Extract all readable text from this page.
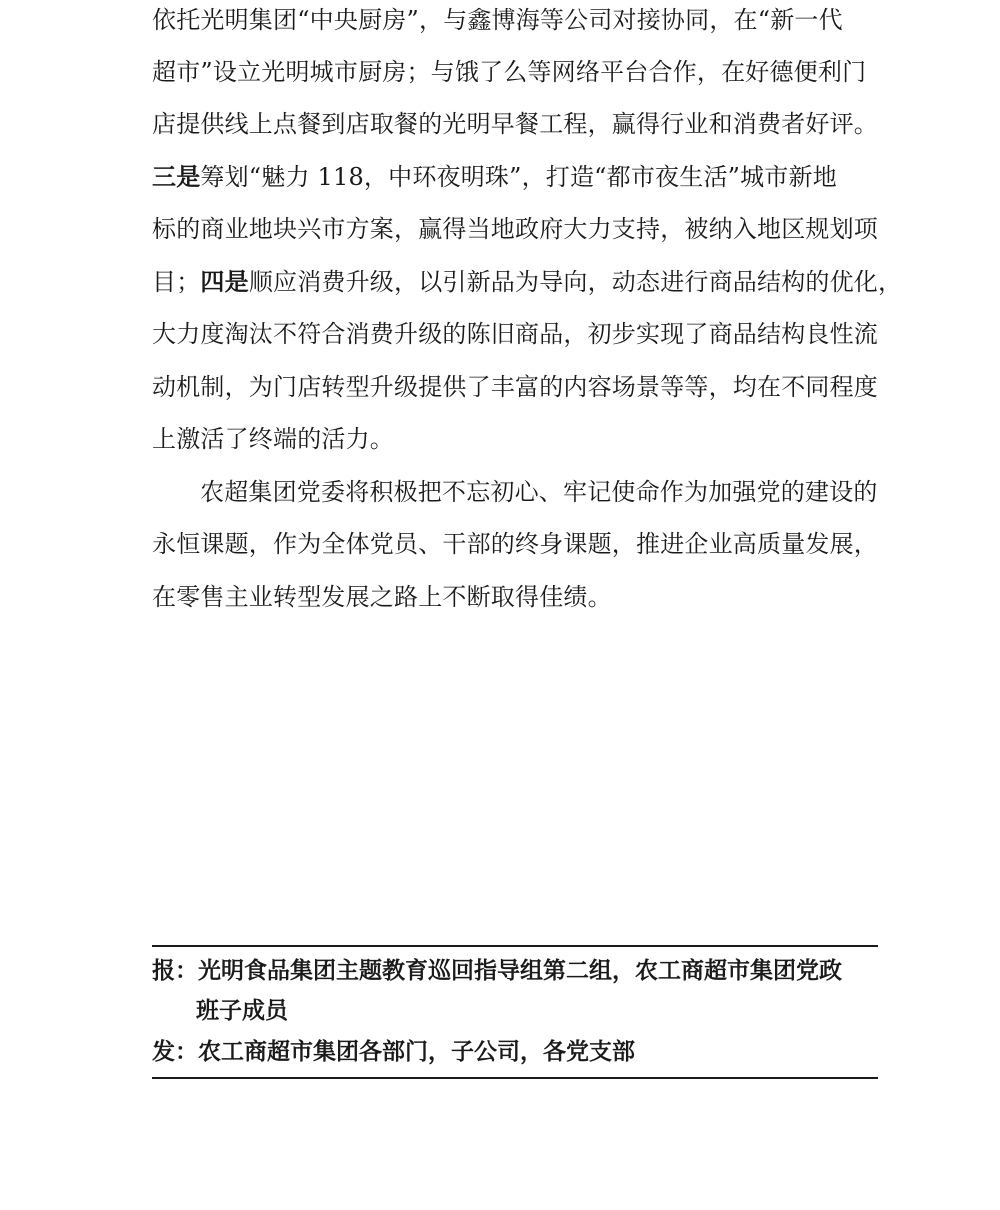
依托光明集团“中央厨房”，与鑫博海等公司对接协同，在“新一代
超市”设立光明城市厨房；与饿了么等网络平台合作，在好德便利门
店提供线上点餐到店取餐的光明早餐工程，赢得行业和消费者好评。
三是筹划“魅力 118，中环夜明珠”，打造“都市夜生活”城市新地
标的商业地块兴市方案，赢得当地政府大力支持，被纳入地区规划项
目；四是顺应消费升级，以引新品为导向，动态进行商品结构的优化，
大力度淘汰不符合消费升级的陈旧商品，初步实现了商品结构良性流
动机制，为门店转型升级提供了丰富的内容场景等等，均在不同程度
上激活了终端的活力。
农超集团党委将积极把不忘初心、牢记使命作为加强党的建设的
永恒课题，作为全体党员、干部的终身课题，推进企业高质量发展，
在零售主业转型发展之路上不断取得佳绩。
报：光明食品集团主题教育巡回指导组第二组，农工商超市集团党政
班子成员
发：农工商超市集团各部门，子公司，各党支部
